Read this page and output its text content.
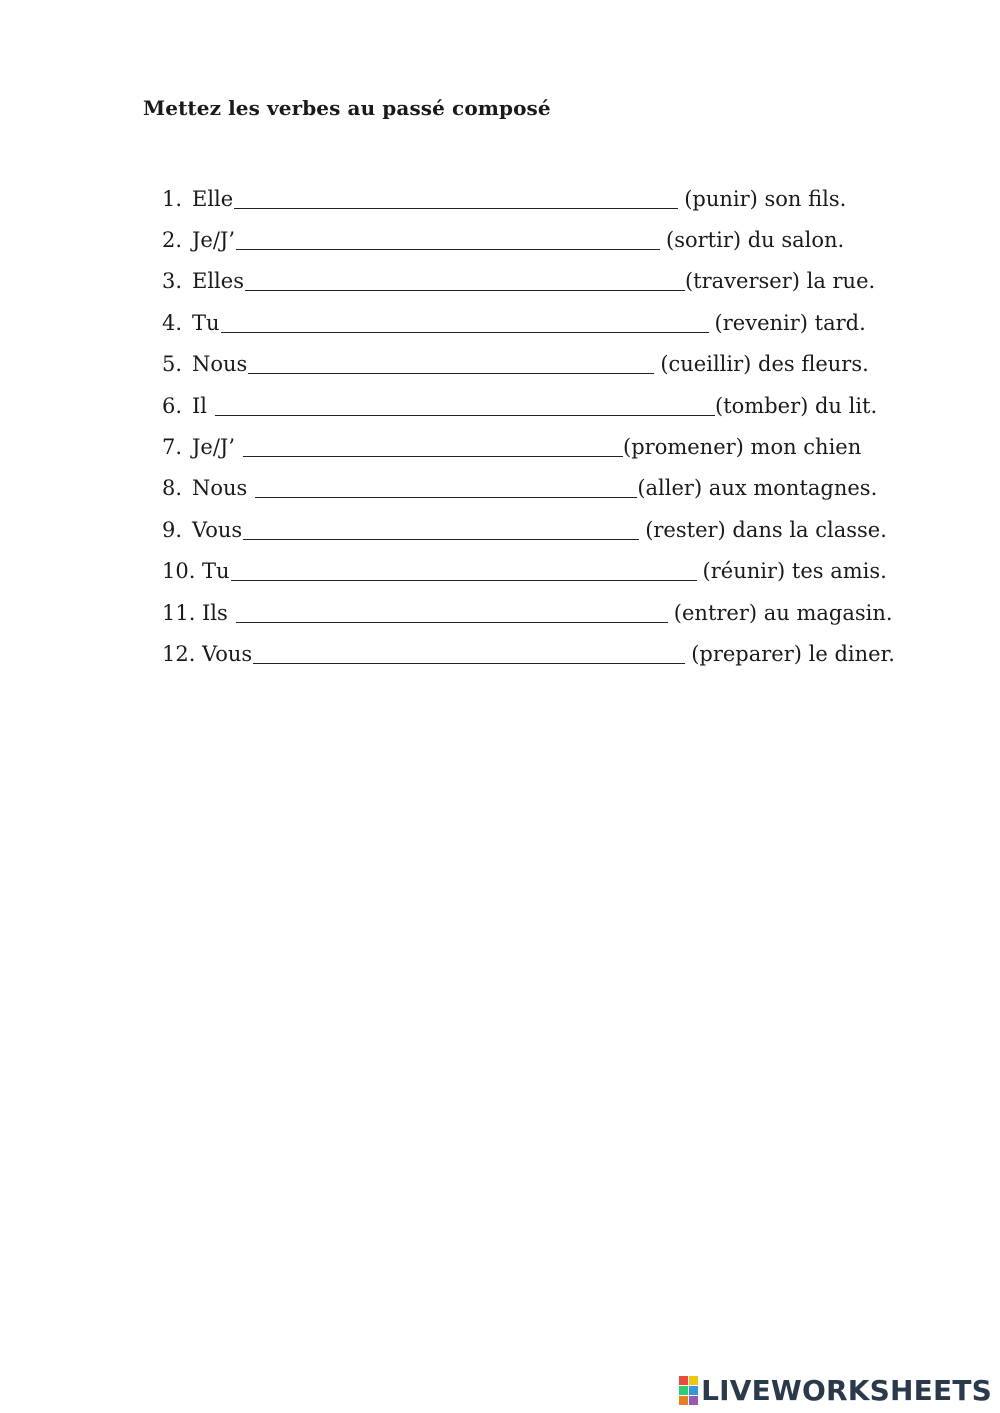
Mettez les verbes au passé composé
1. Elle	(punir) son fils.
2. Je/J’	(sortir) du salon.
3. Elles	(traverser) la rue.
4. Tu	(revenir) tard.
5. Nous	(cueillir) des fleurs.
6. Il	(tomber) du lit.
7. Je/J’	(promener) mon chien
8. Nous	(aller) aux montagnes.
9. Vous	(rester) dans la classe.
10. Tu	(réunir) tes amis.
11. Ils	(entrer) au magasin.
12. Vous	(preparer) le diner.
LIVEWORKSHEETS
